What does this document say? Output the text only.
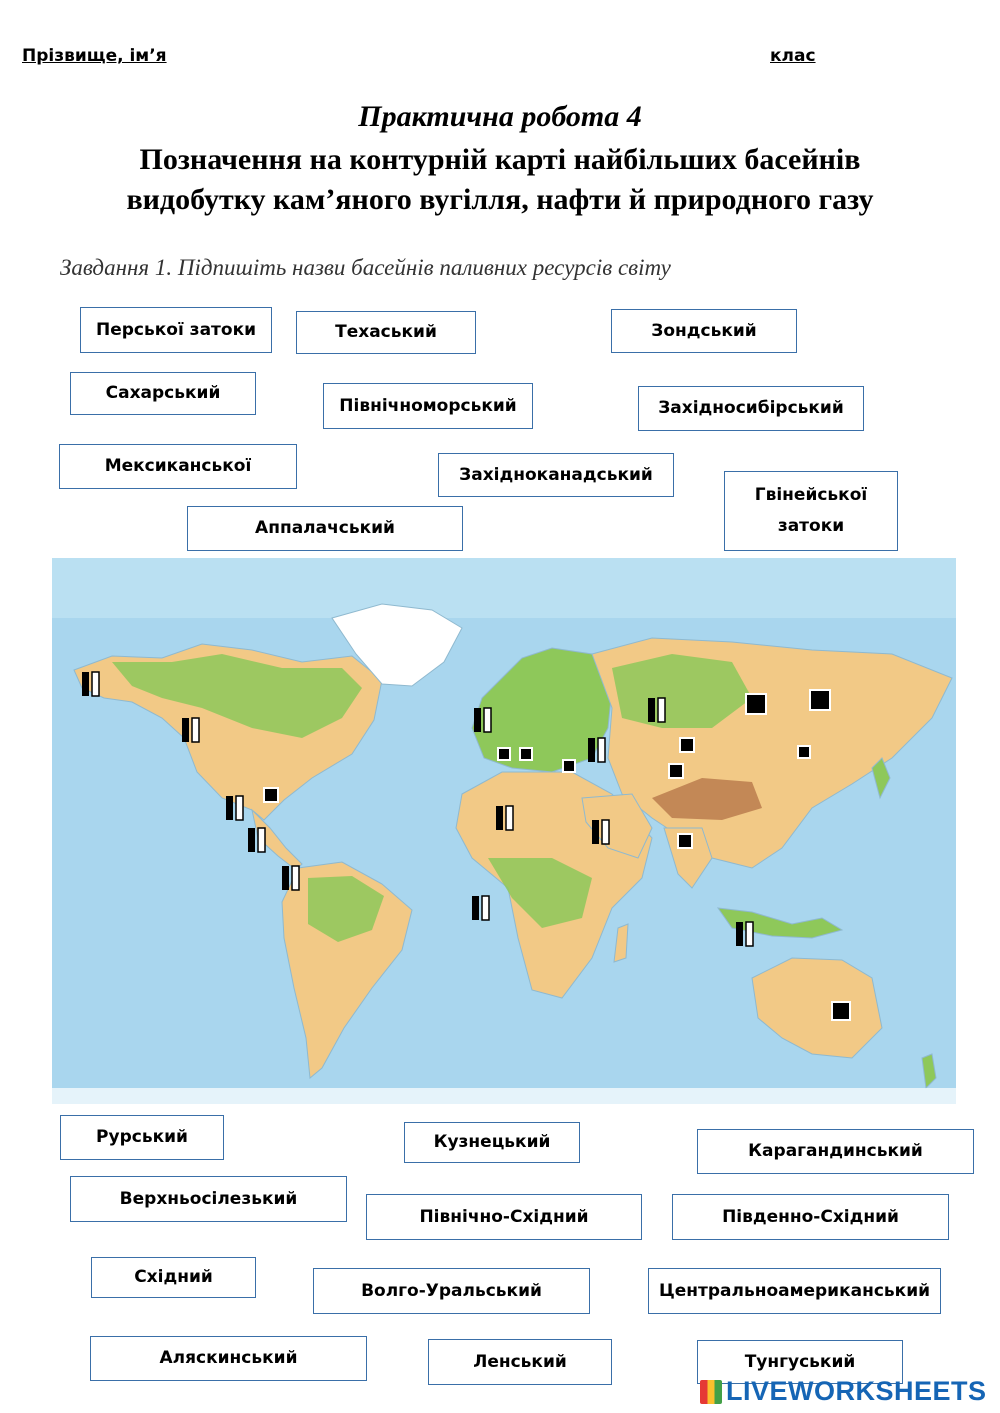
Прізвище, ім’я	клас
Практична робота 4
Позначення на контурній карті найбільших басейнів
видобутку кам’яного вугілля, нафти й природного газу
Завдання 1. Підпишіть назви басейнів паливних ресурсів світу
Перської затоки	Техаський	Зондський
Сахарський
Північноморський	Західносибірський
Мексиканської	Західноканадський
Гвінейської затоки
Аппалачський
Рурський	Кузнецький	Карагандинський
Верхньосілезький
Північно-Східний	Південно-Східний
Східний
Волго-Уральський	Центральноамериканський
Аляскинський	Ленський	Тунгуський
LIVEWORKSHEETS
